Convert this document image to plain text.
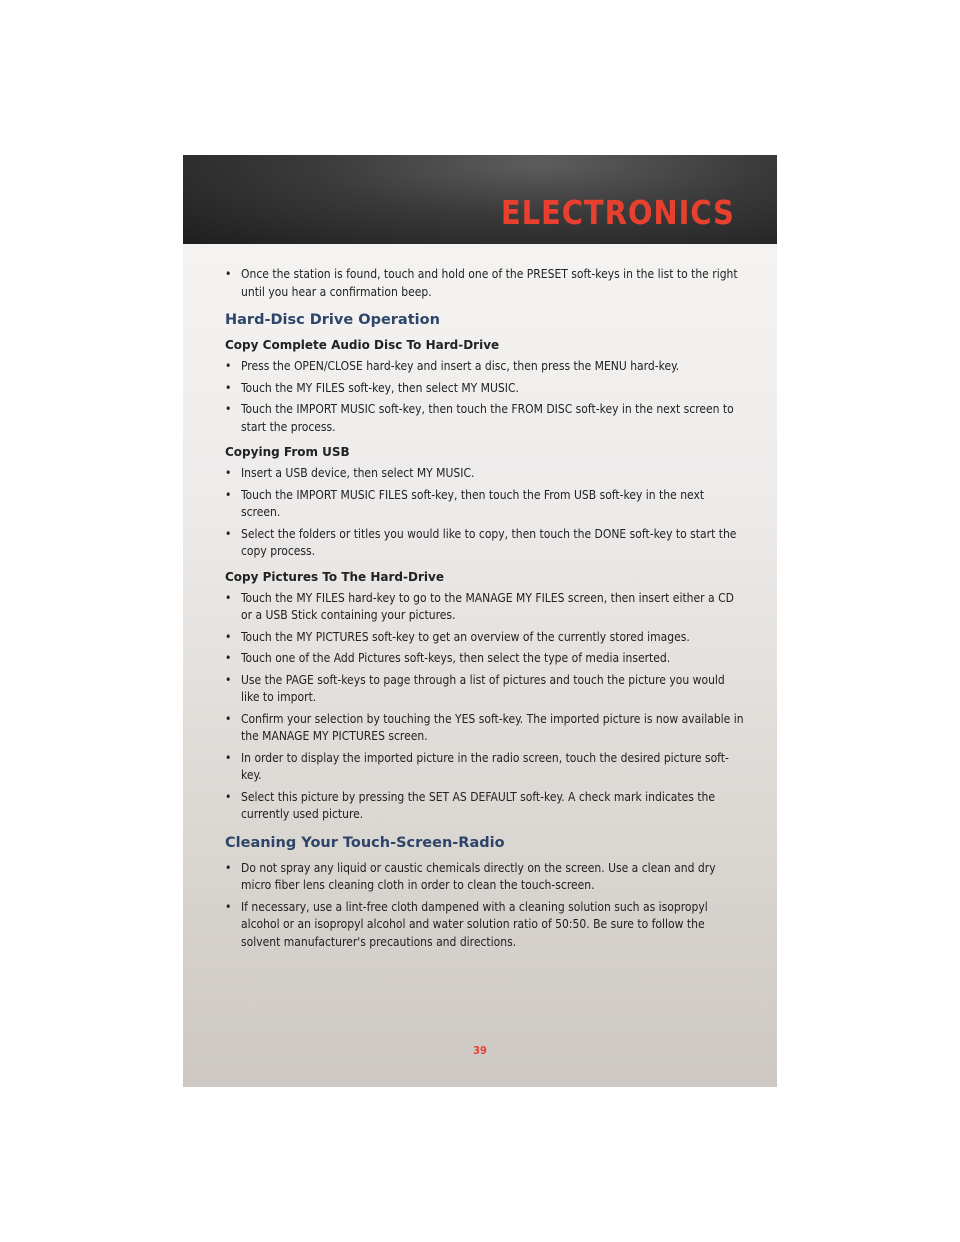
ELECTRONICS

• Once the station is found, touch and hold one of the PRESET soft-keys in the list to the right until you hear a confirmation beep.

Hard-Disc Drive Operation
Copy Complete Audio Disc To Hard-Drive

• Press the OPEN/CLOSE hard-key and insert a disc, then press the MENU hard-key.

• Touch the MY FILES soft-key, then select MY MUSIC.

• Touch the IMPORT MUSIC soft-key, then touch the FROM DISC soft-key in the next screen to start the process.

Copying From USB

• Insert a USB device, then select MY MUSIC.

• Touch the IMPORT MUSIC FILES soft-key, then touch the From USB soft-key in the next screen.

• Select the folders or titles you would like to copy, then touch the DONE soft-key to start the copy process.

Copy Pictures To The Hard-Drive

• Touch the MY FILES hard-key to go to the MANAGE MY FILES screen, then insert either a CD or a USB Stick containing your pictures.

• Touch the MY PICTURES soft-key to get an overview of the currently stored images.

• Touch one of the Add Pictures soft-keys, then select the type of media inserted.

• Use the PAGE soft-keys to page through a list of pictures and touch the picture you would like to import.

• Confirm your selection by touching the YES soft-key. The imported picture is now available in the MANAGE MY PICTURES screen.

• In order to display the imported picture in the radio screen, touch the desired picture soft-key.

• Select this picture by pressing the SET AS DEFAULT soft-key. A check mark indicates the currently used picture.

Cleaning Your Touch-Screen-Radio

• Do not spray any liquid or caustic chemicals directly on the screen. Use a clean and dry micro fiber lens cleaning cloth in order to clean the touch-screen.

• If necessary, use a lint-free cloth dampened with a cleaning solution such as isopropyl alcohol or an isopropyl alcohol and water solution ratio of 50:50. Be sure to follow the solvent manufacturer's precautions and directions.

39
